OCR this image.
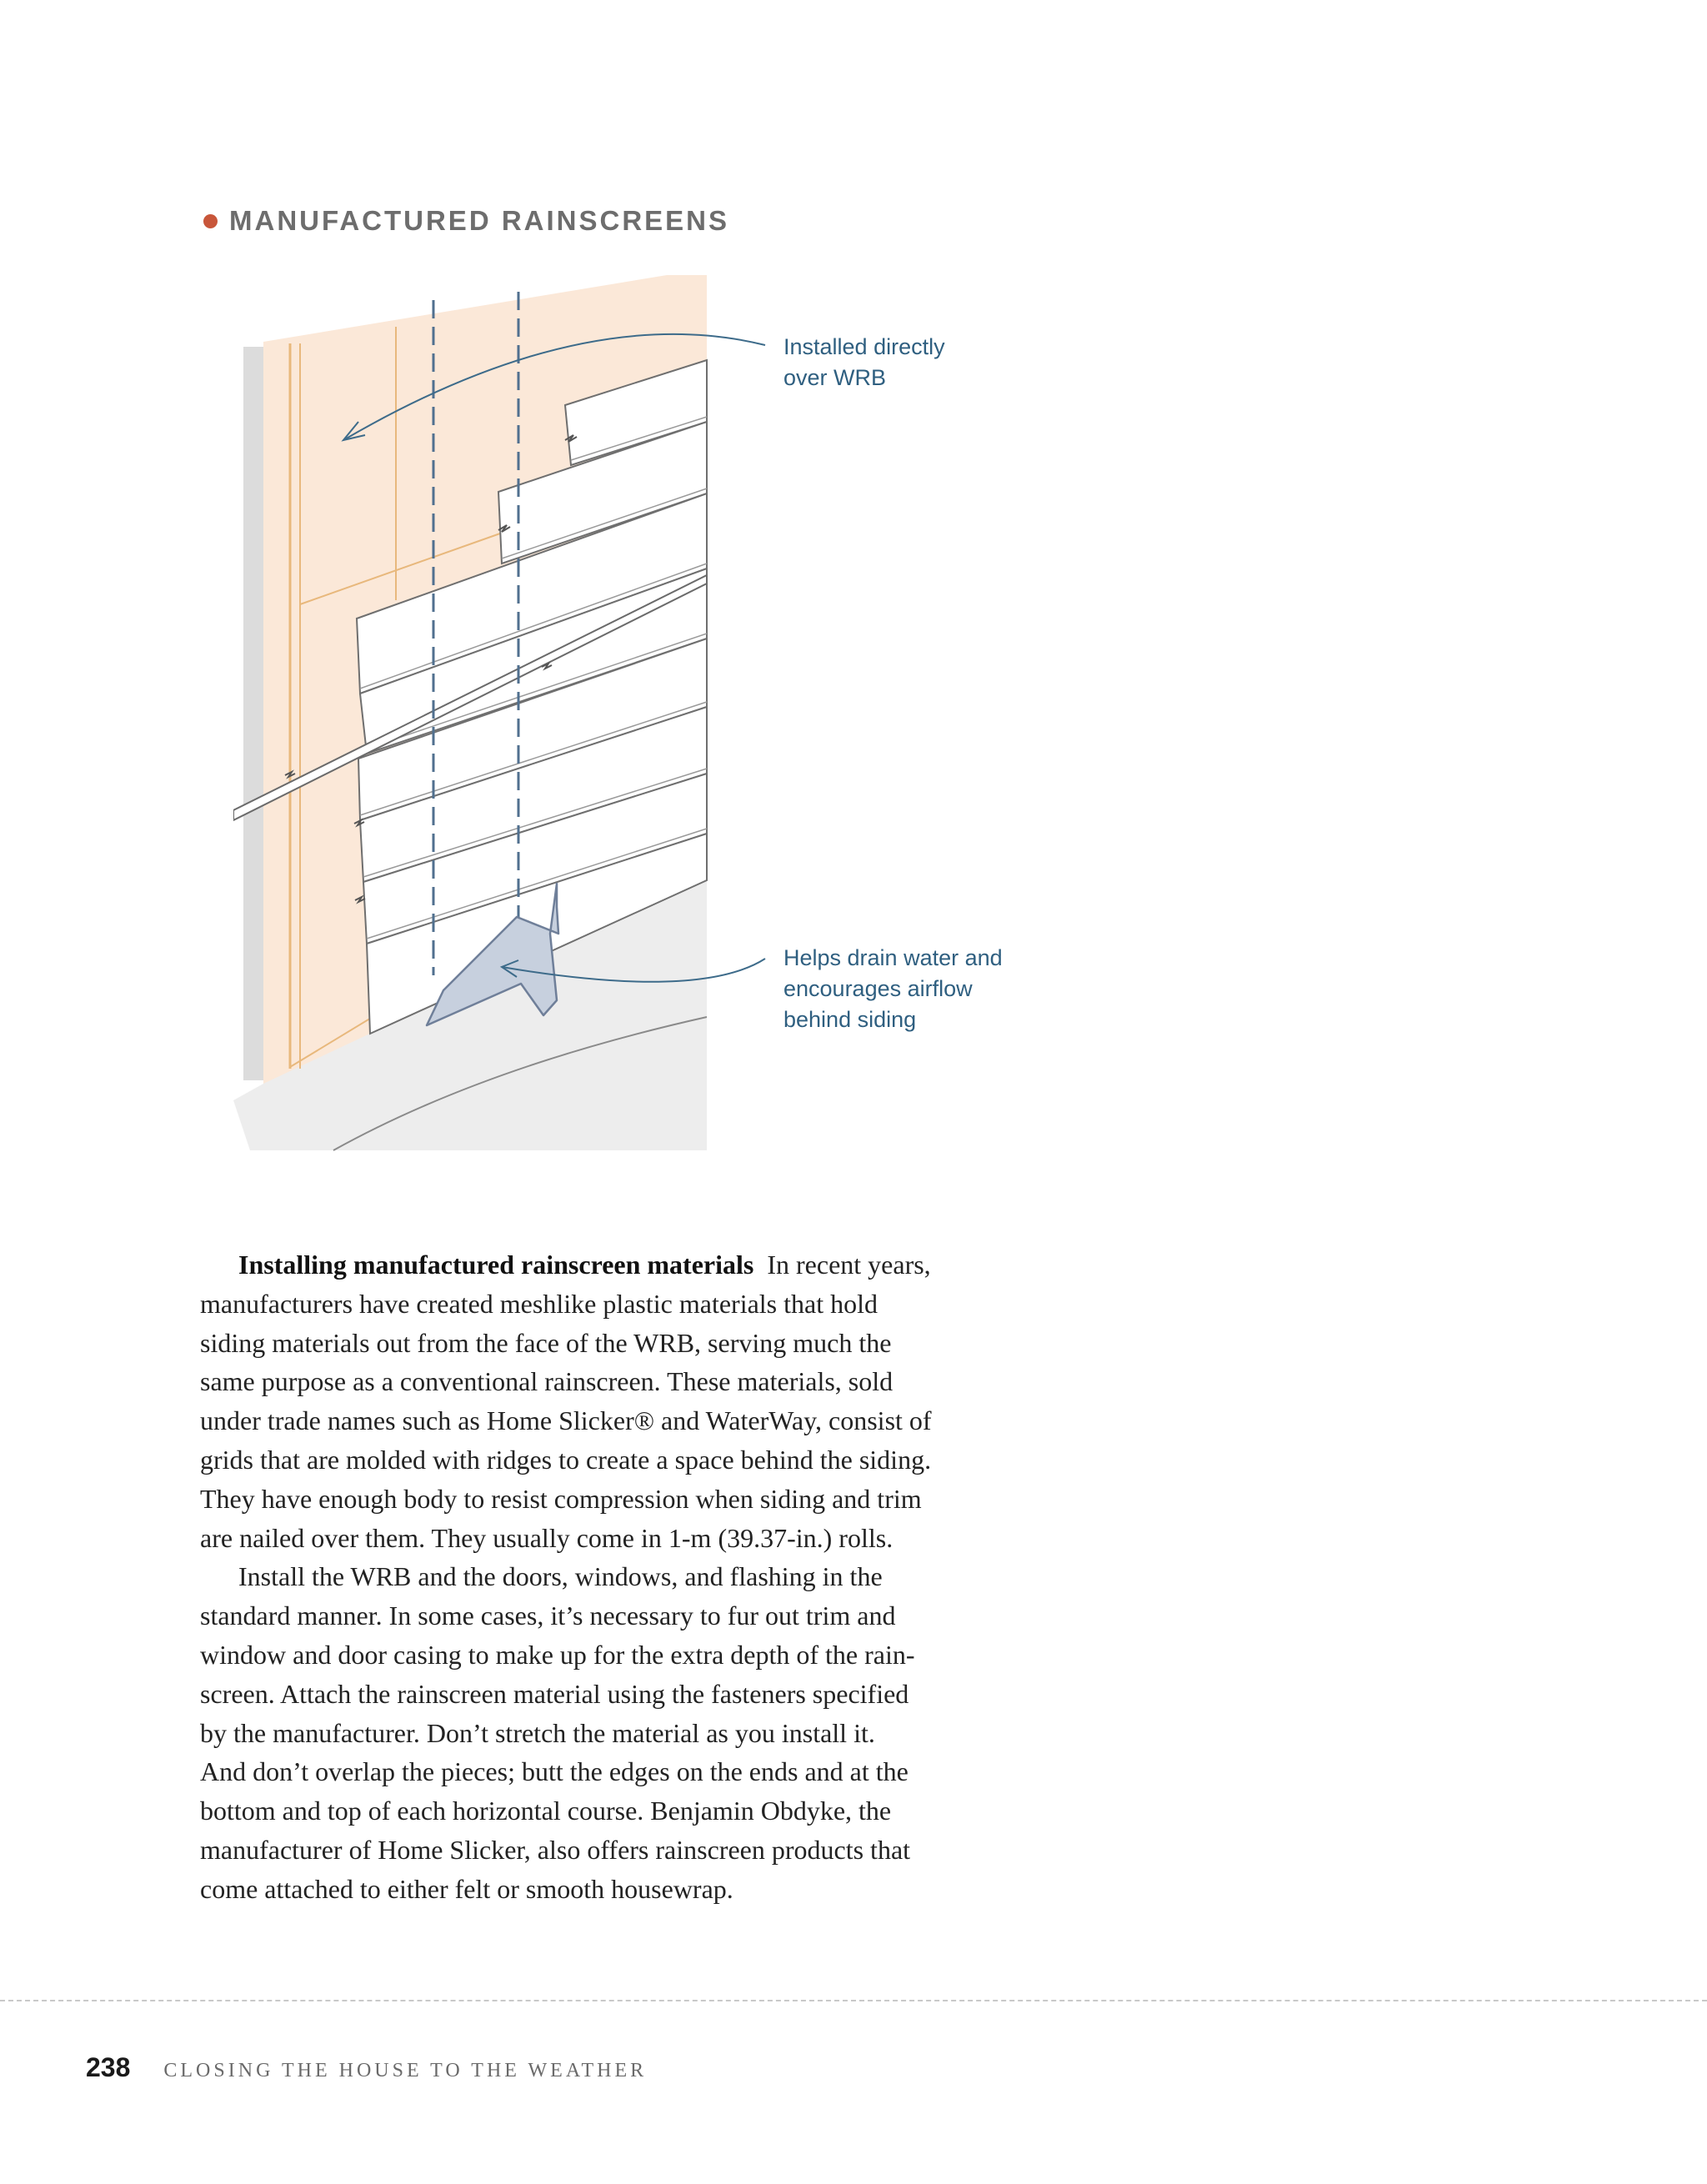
MANUFACTURED RAINSCREENS
Installed directly
over WRB
Helps drain water and
encourages airflow
behind siding

Installing manufactured rainscreen materials In recent years,
manufacturers have created meshlike plastic materials that hold
siding materials out from the face of the WRB, serving much the
same purpose as a conventional rainscreen. These materials, sold
under trade names such as Home Slicker® and WaterWay, consist of
grids that are molded with ridges to create a space behind the siding.
They have enough body to resist compression when siding and trim
are nailed over them. They usually come in 1-m (39.37-in.) rolls.

Install the WRB and the doors, windows, and flashing in the
standard manner. In some cases, it’s necessary to fur out trim and
window and door casing to make up for the extra depth of the rain-
screen. Attach the rainscreen material using the fasteners specified
by the manufacturer. Don’t stretch the material as you install it.
And don’t overlap the pieces; butt the edges on the ends and at the
bottom and top of each horizontal course. Benjamin Obdyke, the
manufacturer of Home Slicker, also offers rainscreen products that
come attached to either felt or smooth housewrap.

238 CLOSING THE HOUSE TO THE WEATHER
